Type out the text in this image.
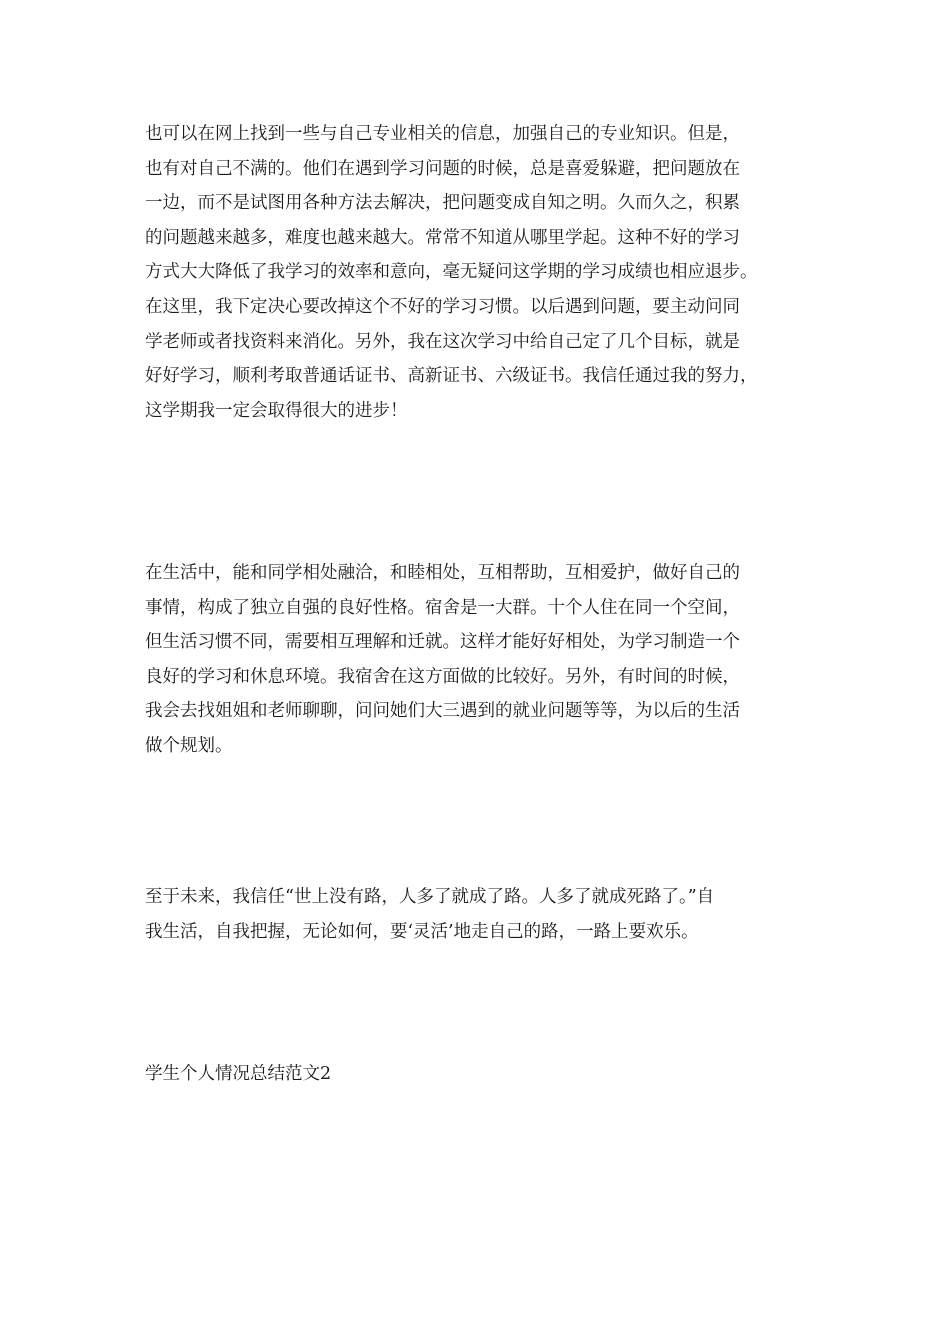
也可以在网上找到一些与自己专业相关的信息，加强自己的专业知识。但是，
也有对自己不满的。他们在遇到学习问题的时候，总是喜爱躲避，把问题放在
一边，而不是试图用各种方法去解决，把问题变成自知之明。久而久之，积累
的问题越来越多，难度也越来越大。常常不知道从哪里学起。这种不好的学习
方式大大降低了我学习的效率和意向，毫无疑问这学期的学习成绩也相应退步。
在这里，我下定决心要改掉这个不好的学习习惯。以后遇到问题，要主动问同
学老师或者找资料来消化。另外，我在这次学习中给自己定了几个目标，就是
好好学习，顺利考取普通话证书、高新证书、六级证书。我信任通过我的努力，
这学期我一定会取得很大的进步！

在生活中，能和同学相处融洽，和睦相处，互相帮助，互相爱护，做好自己的
事情，构成了独立自强的良好性格。宿舍是一大群。十个人住在同一个空间，
但生活习惯不同，需要相互理解和迁就。这样才能好好相处，为学习制造一个
良好的学习和休息环境。我宿舍在这方面做的比较好。另外，有时间的时候，
我会去找姐姐和老师聊聊，问问她们大三遇到的就业问题等等，为以后的生活
做个规划。

至于未来，我信任“世上没有路，人多了就成了路。人多了就成死路了。”自
我生活，自我把握，无论如何，要‘灵活’地走自己的路，一路上要欢乐。

学生个人情况总结范文2
